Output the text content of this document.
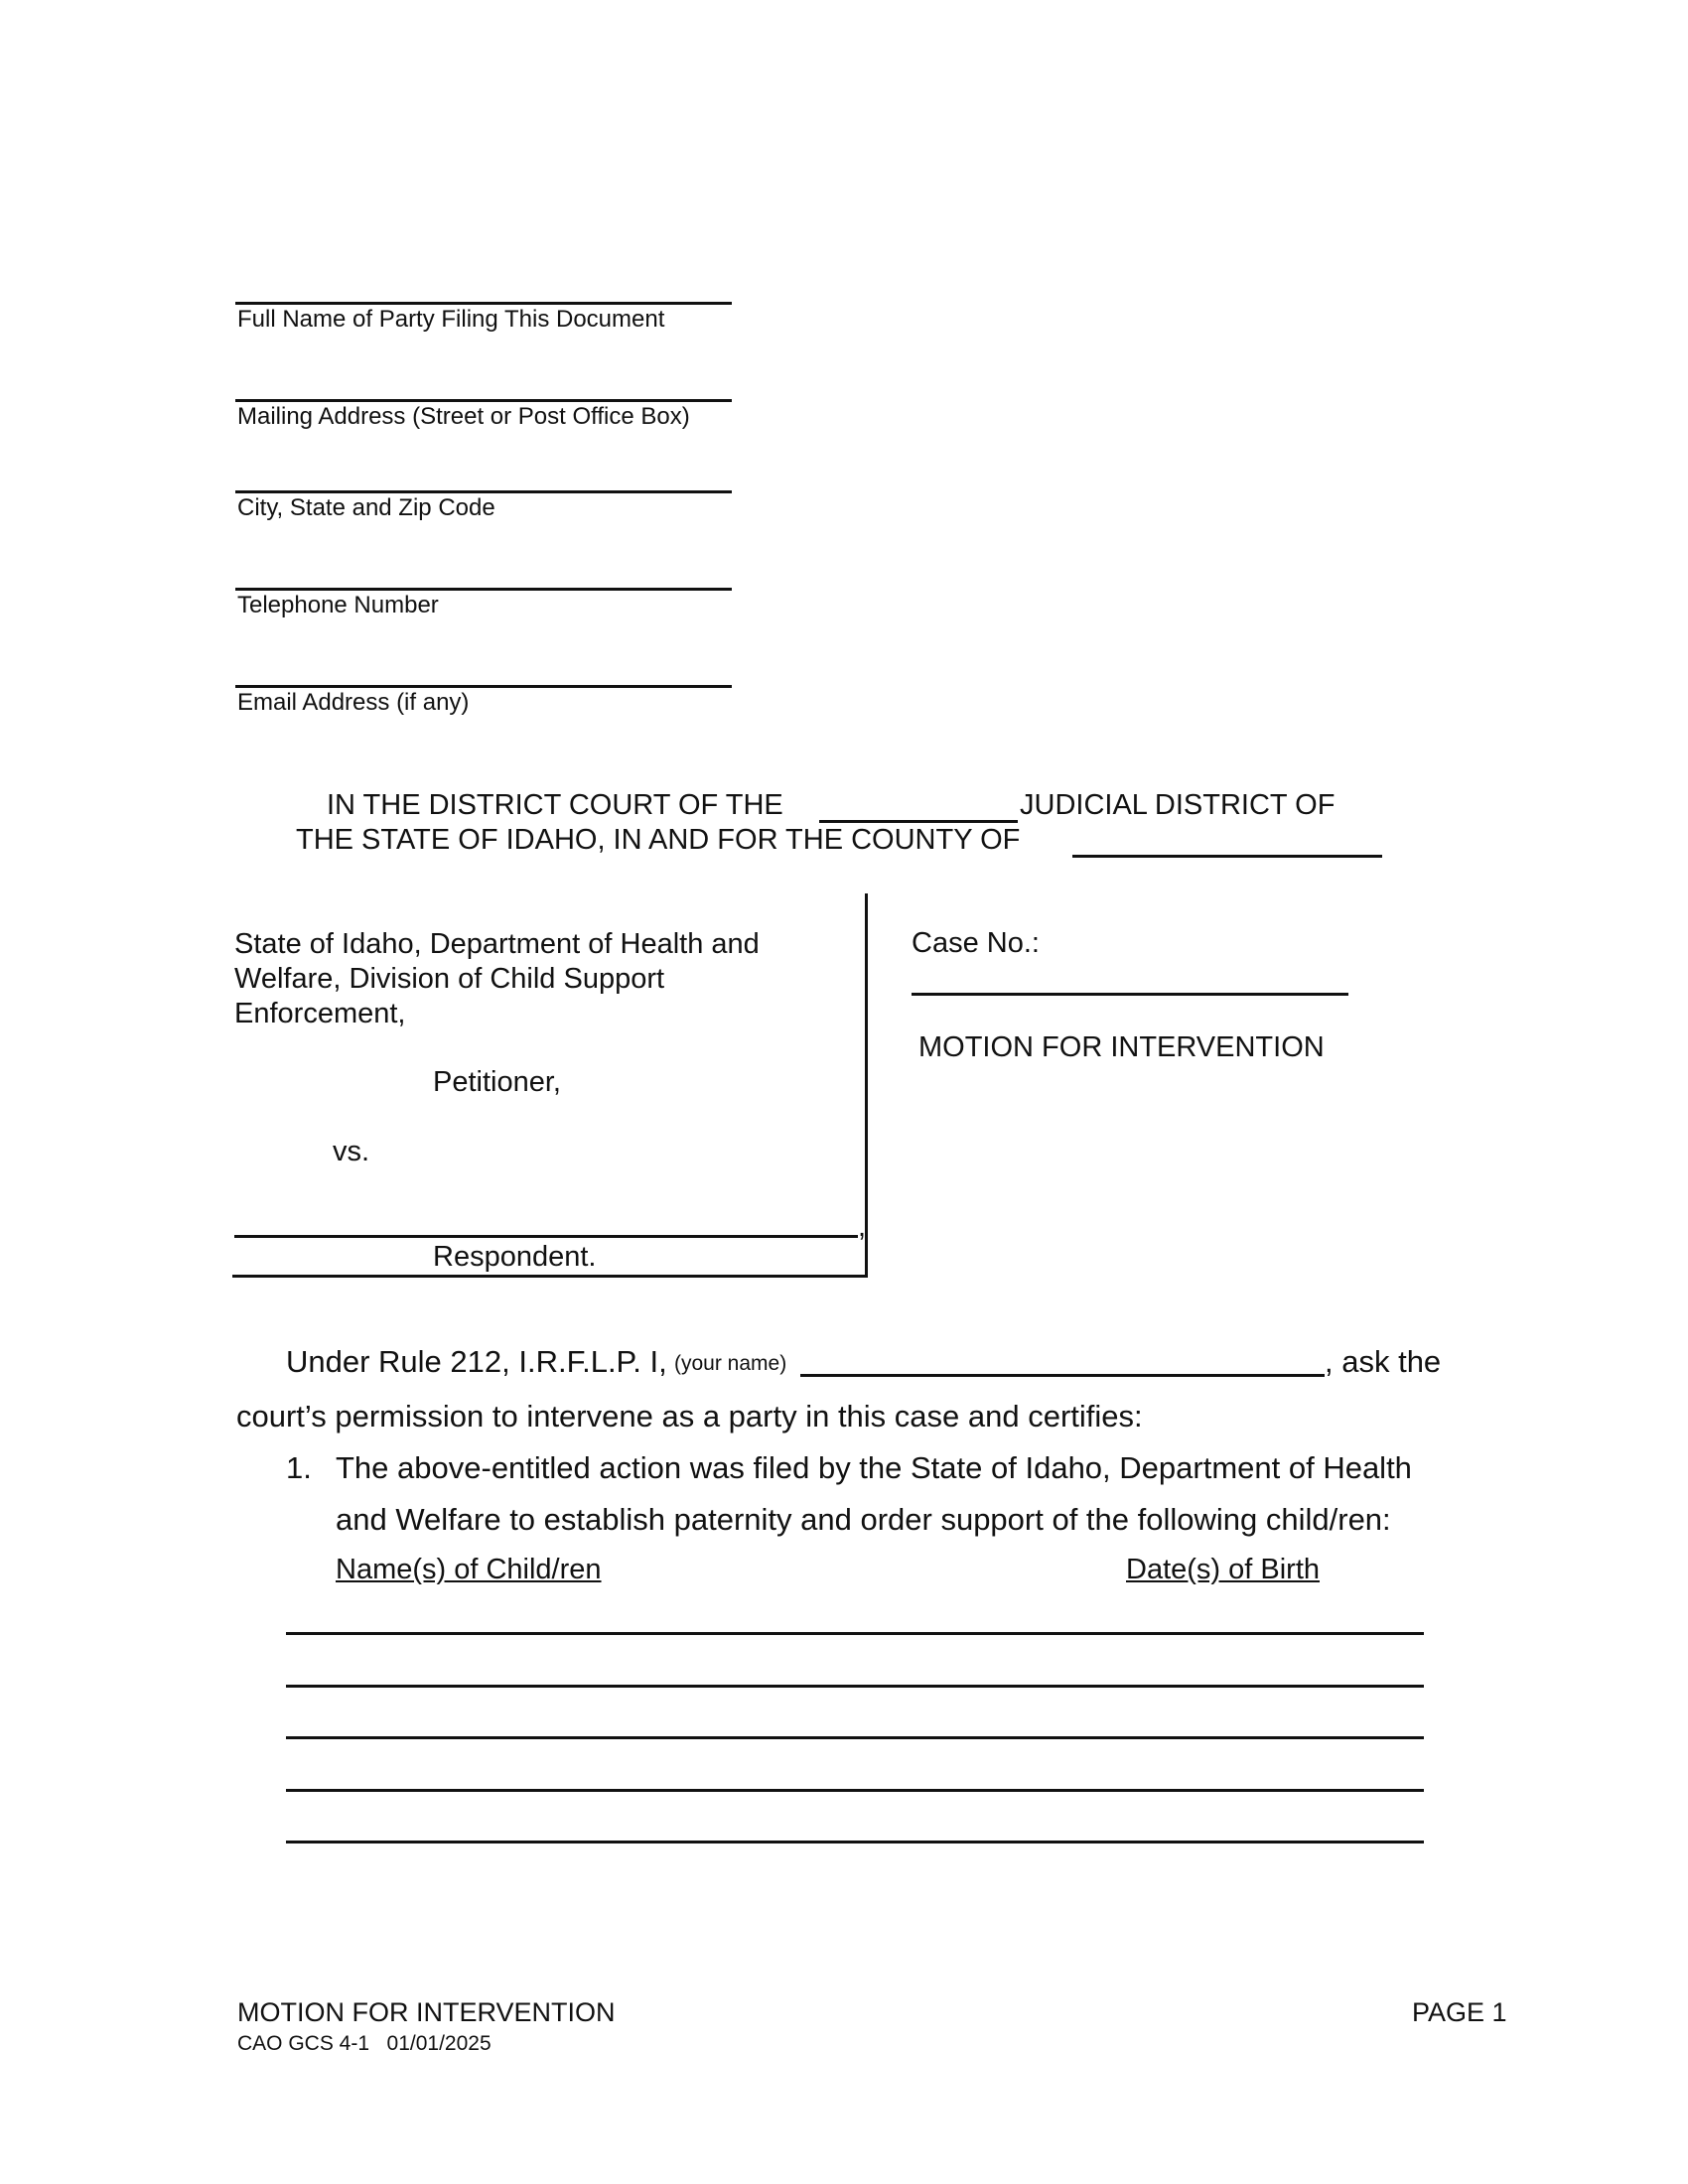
Full Name of Party Filing This Document
Mailing Address (Street or Post Office Box)
City, State and Zip Code
Telephone Number
Email Address (if any)
IN THE DISTRICT COURT OF THE	JUDICIAL DISTRICT OF
THE STATE OF IDAHO, IN AND FOR THE COUNTY OF
State of Idaho, Department of Health and Welfare, Division of Child Support Enforcement,
Petitioner,
vs.
,
Respondent.
Case No.:
MOTION FOR INTERVENTION
Under Rule 212, I.R.F.L.P. I, (your name)	, ask the
court’s permission to intervene as a party in this case and certifies:
1. The above-entitled action was filed by the State of Idaho, Department of Health
and Welfare to establish paternity and order support of the following child/ren:
Name(s) of Child/ren	Date(s) of Birth
MOTION FOR INTERVENTION
CAO GCS 4-1   01/01/2025
PAGE 1
